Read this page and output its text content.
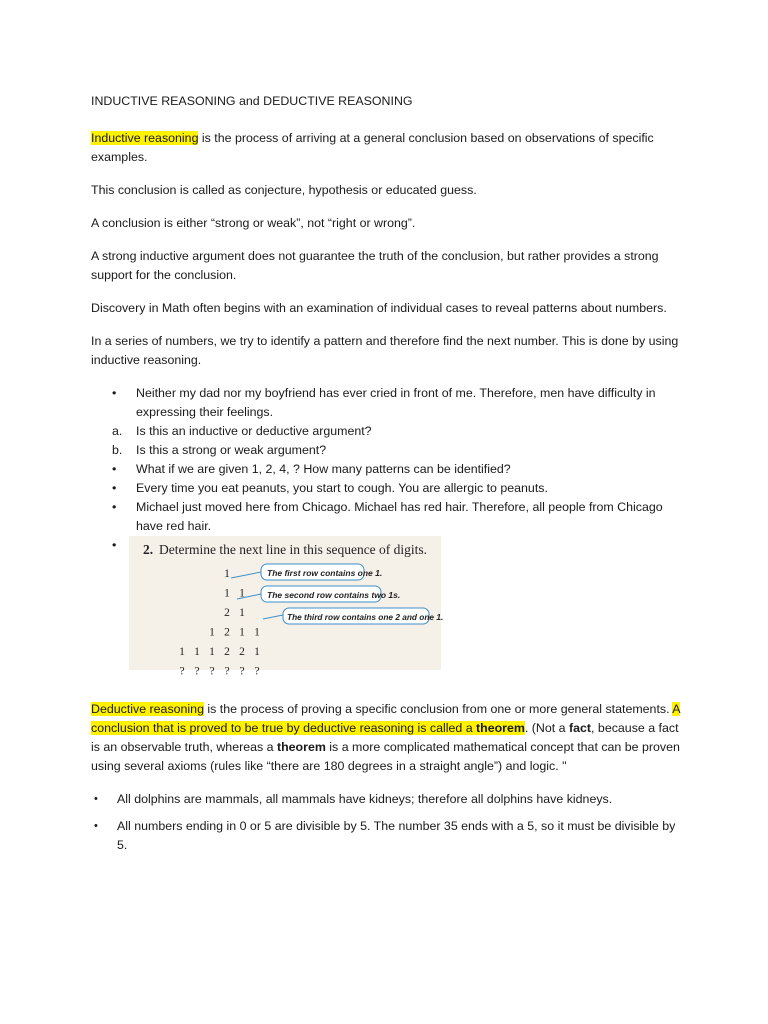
INDUCTIVE REASONING and DEDUCTIVE REASONING

Inductive reasoning is the process of arriving at a general conclusion based on observations of specific examples.

This conclusion is called as conjecture, hypothesis or educated guess.

A conclusion is either “strong or weak”, not “right or wrong”.

A strong inductive argument does not guarantee the truth of the conclusion, but rather provides a strong support for the conclusion.

Discovery in Math often begins with an examination of individual cases to reveal patterns about numbers.

In a series of numbers, we try to identify a pattern and therefore find the next number. This is done by using inductive reasoning.

•	Neither my dad nor my boyfriend has ever cried in front of me. Therefore, men have difficulty in expressing their feelings.
a.	Is this an inductive or deductive argument?
b.	Is this a strong or weak argument?
•	What if we are given 1, 2, 4, ? How many patterns can be identified?
•	Every time you eat peanuts, you start to cough. You are allergic to peanuts.
•	Michael just moved here from Chicago. Michael has red hair. Therefore, all people from Chicago have red hair.
•	2. Determine the next line in this sequence of digits.
1
1 1
2 1
1 2 1 1
1 1 1 2 2 1
? ? ? ? ? ?
The first row contains one 1.
The second row contains two 1s.
The third row contains one 2 and one 1.

Deductive reasoning is the process of proving a specific conclusion from one or more general statements. A conclusion that is proved to be true by deductive reasoning is called a theorem. (Not a fact, because a fact is an observable truth, whereas a theorem is a more complicated mathematical concept that can be proven using several axioms (rules like “there are 180 degrees in a straight angle”) and logic. "

• All dolphins are mammals, all mammals have kidneys; therefore all dolphins have kidneys.
• All numbers ending in 0 or 5 are divisible by 5. The number 35 ends with a 5, so it must be divisible by 5.
